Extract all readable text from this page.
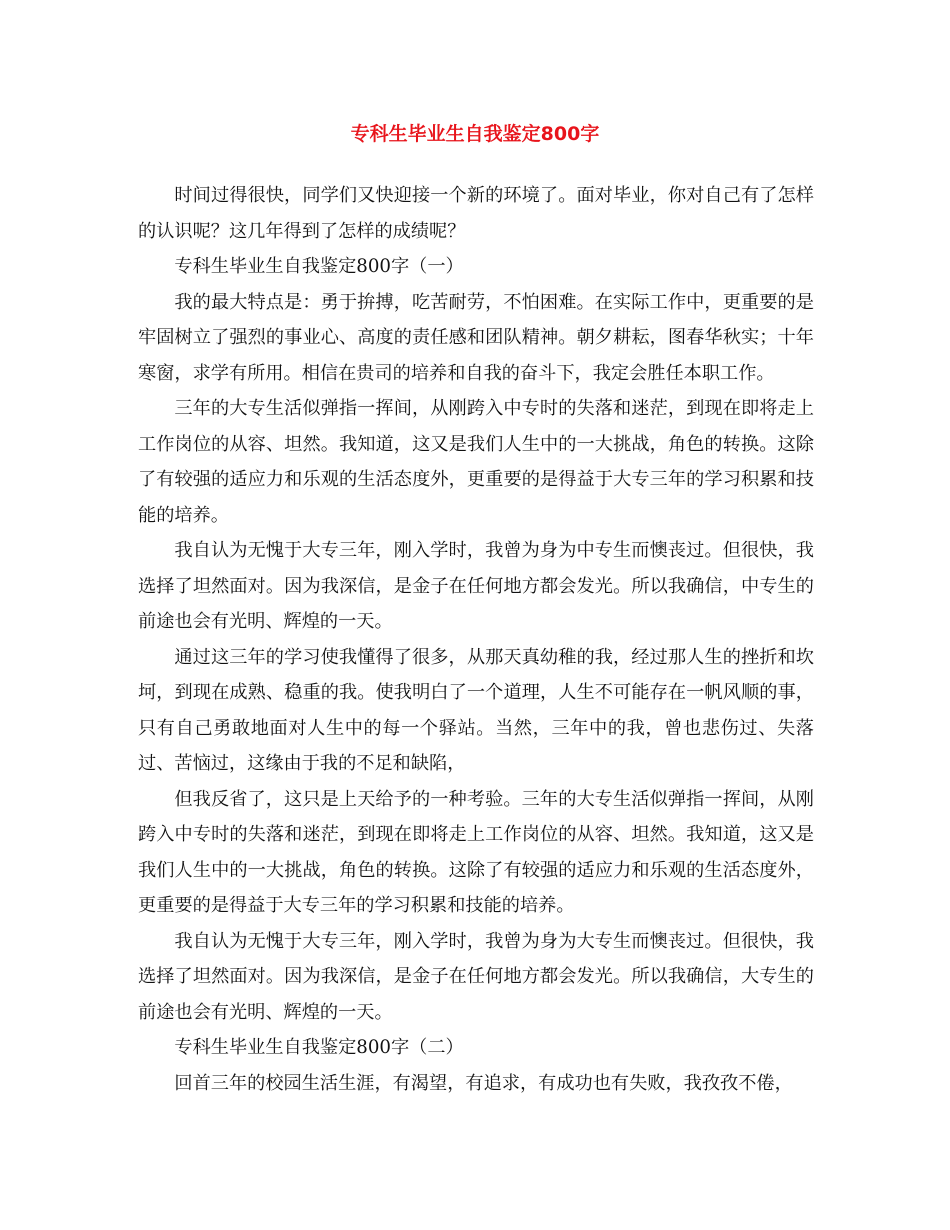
专科生毕业生自我鉴定800字

时间过得很快，同学们又快迎接一个新的环境了。面对毕业，你对自己有了怎样的认识呢？这几年得到了怎样的成绩呢？

专科生毕业生自我鉴定800字（一）

我的最大特点是：勇于拚搏，吃苦耐劳，不怕困难。在实际工作中，更重要的是牢固树立了强烈的事业心、高度的责任感和团队精神。朝夕耕耘，图春华秋实；十年寒窗，求学有所用。相信在贵司的培养和自我的奋斗下，我定会胜任本职工作。

三年的大专生活似弹指一挥间，从刚跨入中专时的失落和迷茫，到现在即将走上工作岗位的从容、坦然。我知道，这又是我们人生中的一大挑战，角色的转换。这除了有较强的适应力和乐观的生活态度外，更重要的是得益于大专三年的学习积累和技能的培养。

我自认为无愧于大专三年，刚入学时，我曾为身为中专生而懊丧过。但很快，我选择了坦然面对。因为我深信，是金子在任何地方都会发光。所以我确信，中专生的前途也会有光明、辉煌的一天。

通过这三年的学习使我懂得了很多，从那天真幼稚的我，经过那人生的挫折和坎坷，到现在成熟、稳重的我。使我明白了一个道理，人生不可能存在一帆风顺的事，只有自己勇敢地面对人生中的每一个驿站。当然，三年中的我，曾也悲伤过、失落过、苦恼过，这缘由于我的不足和缺陷，

但我反省了，这只是上天给予的一种考验。三年的大专生活似弹指一挥间，从刚跨入中专时的失落和迷茫，到现在即将走上工作岗位的从容、坦然。我知道，这又是我们人生中的一大挑战，角色的转换。这除了有较强的适应力和乐观的生活态度外，更重要的是得益于大专三年的学习积累和技能的培养。

我自认为无愧于大专三年，刚入学时，我曾为身为大专生而懊丧过。但很快，我选择了坦然面对。因为我深信，是金子在任何地方都会发光。所以我确信，大专生的前途也会有光明、辉煌的一天。

专科生毕业生自我鉴定800字（二）

回首三年的校园生活生涯，有渴望，有追求，有成功也有失败，我孜孜不倦，
